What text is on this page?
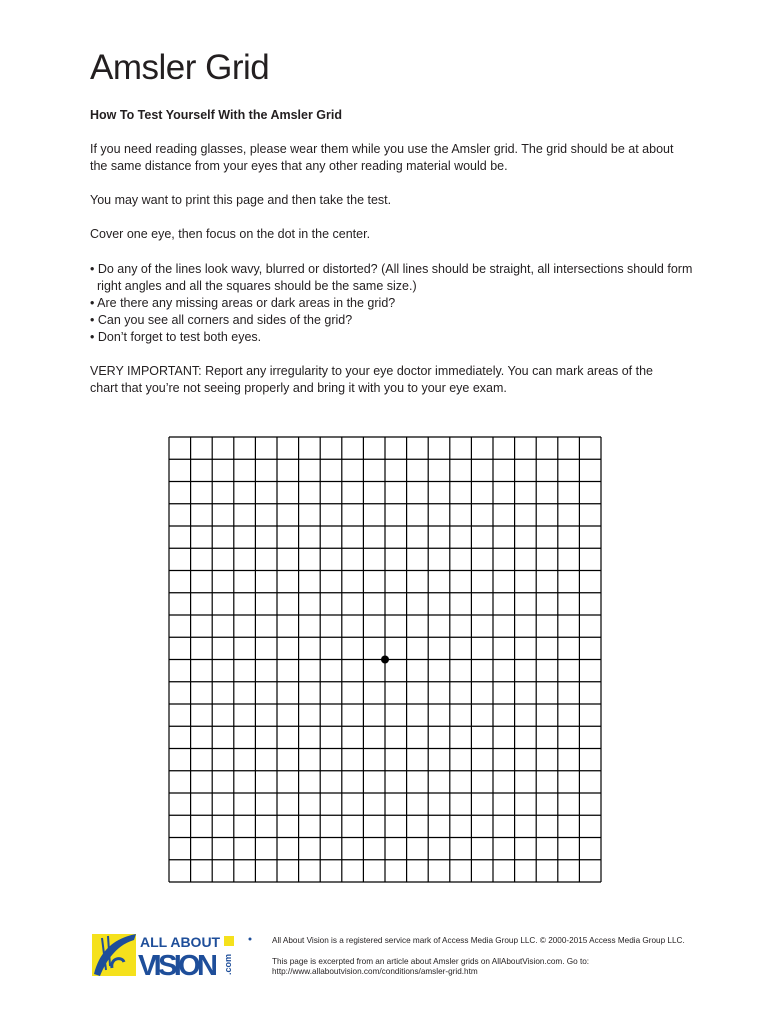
Amsler Grid
How To Test Yourself With the Amsler Grid

If you need reading glasses, please wear them while you use the Amsler grid. The grid should be at about the same distance from your eyes that any other reading material would be.

You may want to print this page and then take the test.

Cover one eye, then focus on the dot in the center.

• Do any of the lines look wavy, blurred or distorted? (All lines should be straight, all intersections should form right angles and all the squares should be the same size.)
• Are there any missing areas or dark areas in the grid?
• Can you see all corners and sides of the grid?
• Don’t forget to test both eyes.

VERY IMPORTANT: Report any irregularity to your eye doctor immediately. You can mark areas of the chart that you’re not seeing properly and bring it with you to your eye exam.

ALL ABOUT
VISION .com
All About Vision is a registered service mark of Access Media Group LLC. © 2000-2015 Access Media Group LLC.
This page is excerpted from an article about Amsler grids on AllAboutVision.com. Go to:
http://www.allaboutvision.com/conditions/amsler-grid.htm
